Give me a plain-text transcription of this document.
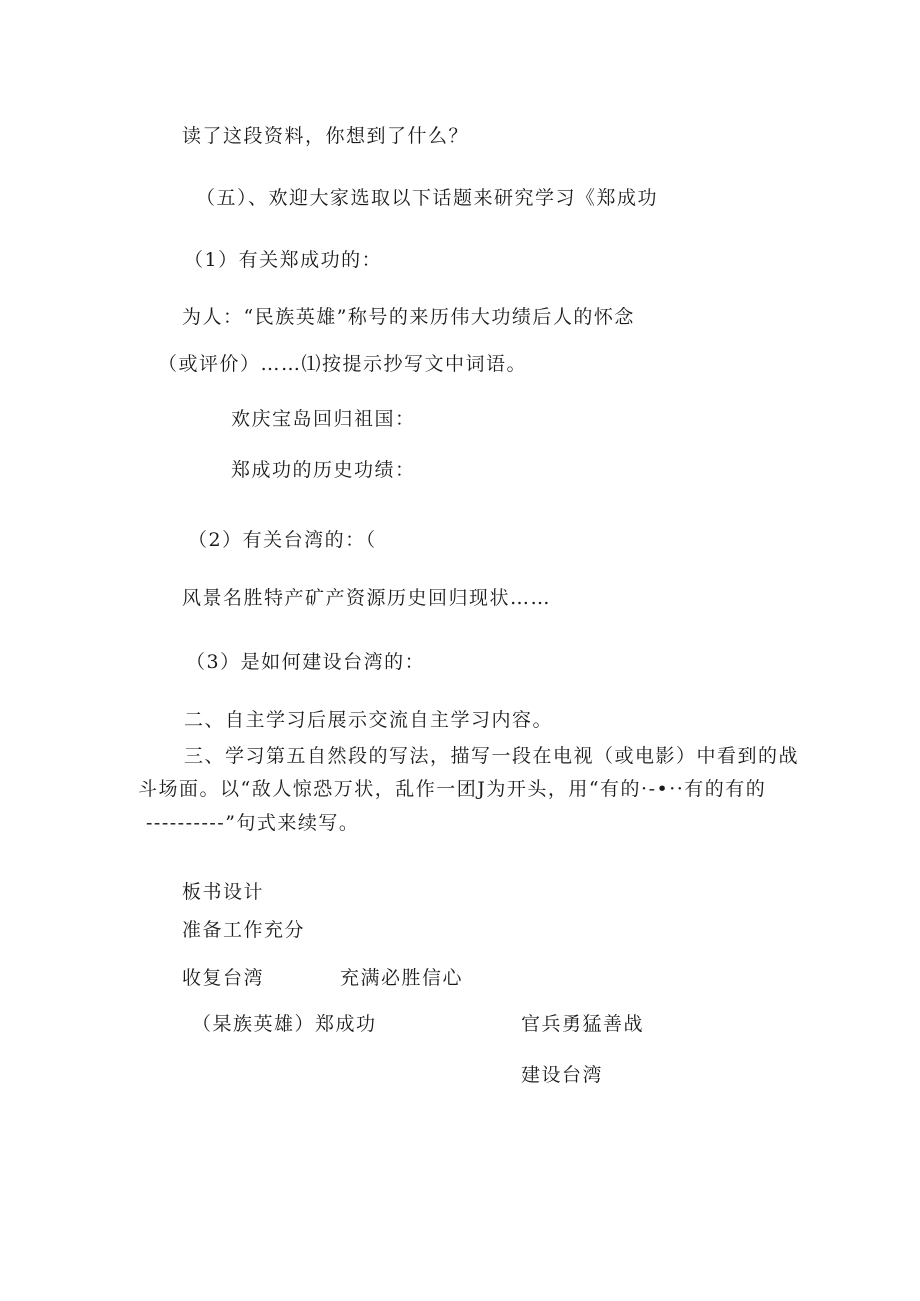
读了这段资料，你想到了什么？
（五）、欢迎大家选取以下话题来研究学习《郑成功
（1）有关郑成功的：
为人：“民族英雄”称号的来历伟大功绩后人的怀念
（或评价）……⑴按提示抄写文中词语。
欢庆宝岛回归祖国：
郑成功的历史功绩：
（2）有关台湾的：（
风景名胜特产矿产资源历史回归现状……
（3）是如何建设台湾的：
二、自主学习后展示交流自主学习内容。
三、学习第五自然段的写法，描写一段在电视（或电影）中看到的战
斗场面。以“敌人惊恐万状，乱作一团J为开头，用“有的·-•··有的有的
----------”句式来续写。
板书设计
准备工作充分
收复台湾	充满必胜信心
（杲族英雄）郑成功	官兵勇猛善战
建设台湾
